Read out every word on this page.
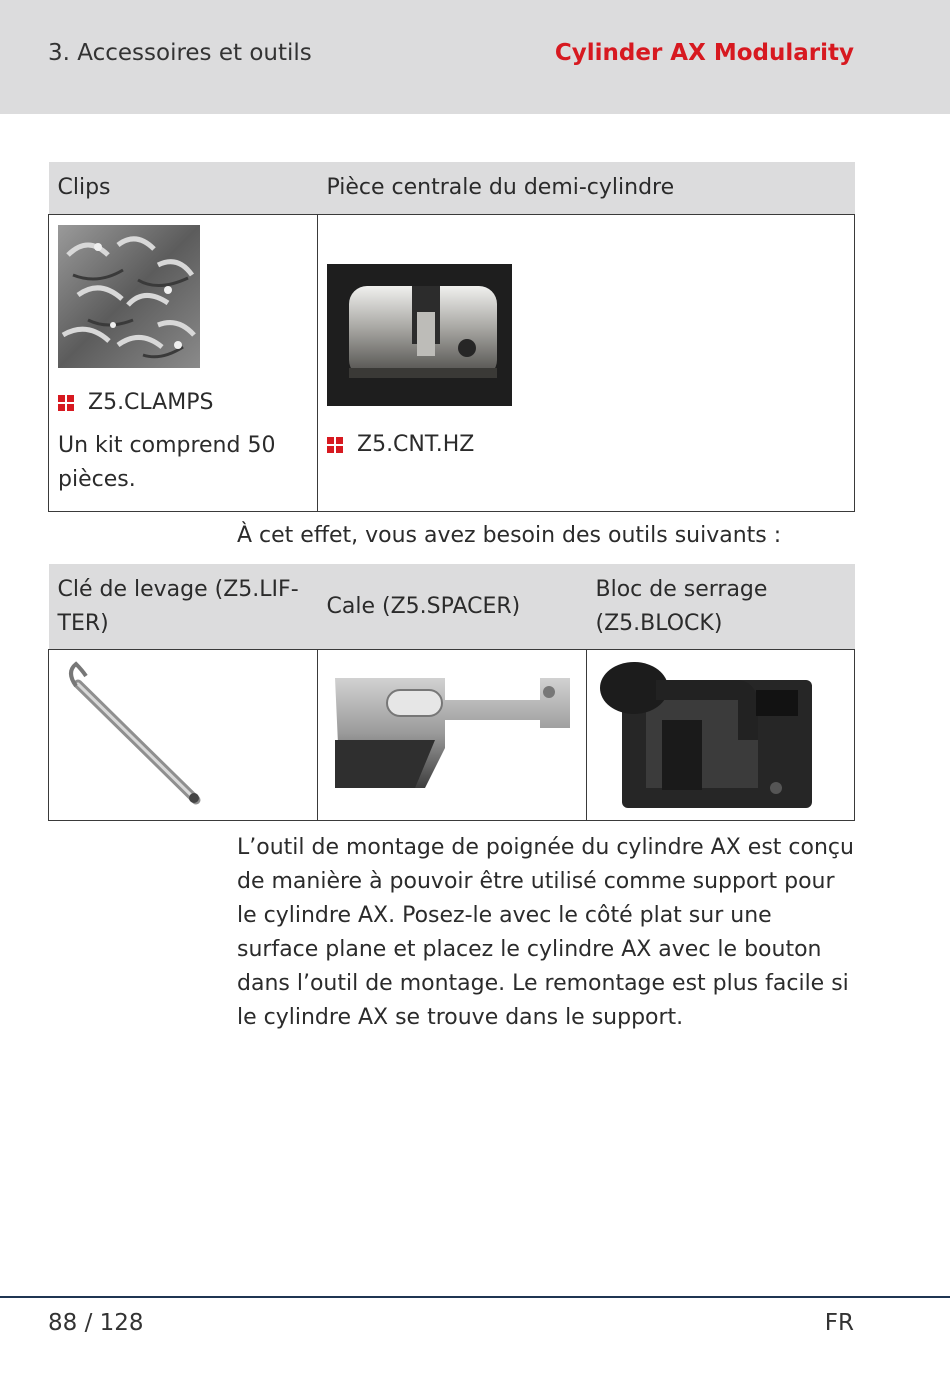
3. Accessoires et outils	Cylinder AX Modularity
Clips	Pièce centrale du demi-cylindre

Z5.CLAMPS
Un kit comprend 50 pièces.	Z5.CNT.HZ
À cet effet, vous avez besoin des outils suivants :
Clé de levage (Z5.LIFTER)	Cale (Z5.SPACER)	Bloc de serrage (Z5.BLOCK)

L’outil de montage de poignée du cylindre AX est conçu de manière à pouvoir être utilisé comme support pour le cylindre AX. Posez-le avec le côté plat sur une surface plane et placez le cylindre AX avec le bouton dans l’outil de montage. Le remontage est plus facile si le cylindre AX se trouve dans le support.
88 / 128	FR
